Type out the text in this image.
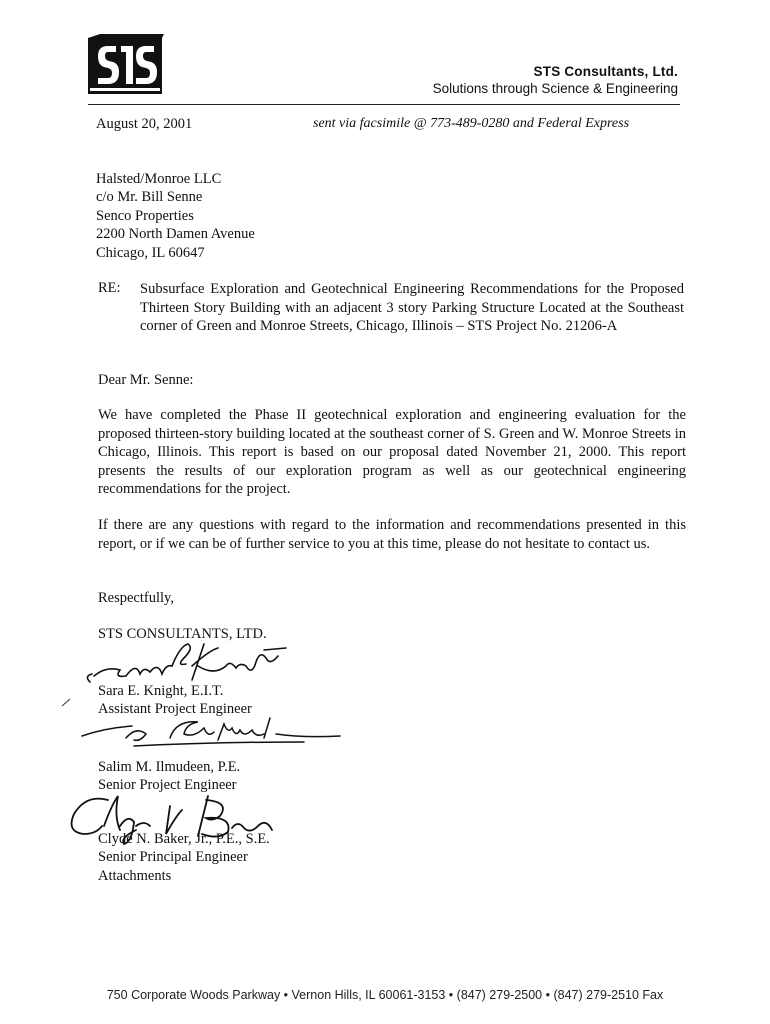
STS Consultants, Ltd.
Solutions through Science & Engineering
August 20, 2001	sent via facsimile @ 773-489-0280 and Federal Express
Halsted/Monroe LLC
c/o Mr. Bill Senne
Senco Properties
2200 North Damen Avenue
Chicago, IL 60647
RE: Subsurface Exploration and Geotechnical Engineering Recommendations for the Proposed Thirteen Story Building with an adjacent 3 story Parking Structure Located at the Southeast corner of Green and Monroe Streets, Chicago, Illinois – STS Project No. 21206-A
Dear Mr. Senne:
We have completed the Phase II geotechnical exploration and engineering evaluation for the proposed thirteen-story building located at the southeast corner of S. Green and W. Monroe Streets in Chicago, Illinois. This report is based on our proposal dated November 21, 2000. This report presents the results of our exploration program as well as our geotechnical engineering recommendations for the project.
If there are any questions with regard to the information and recommendations presented in this report, or if we can be of further service to you at this time, please do not hesitate to contact us.
Respectfully,
STS CONSULTANTS, LTD.
Sara E. Knight, E.I.T.
Assistant Project Engineer
Salim M. Ilmudeen, P.E.
Senior Project Engineer
Clyde N. Baker, Jr., P.E., S.E.
Senior Principal Engineer
Attachments
750 Corporate Woods Parkway • Vernon Hills, IL 60061-3153 • (847) 279-2500 • (847) 279-2510 Fax
